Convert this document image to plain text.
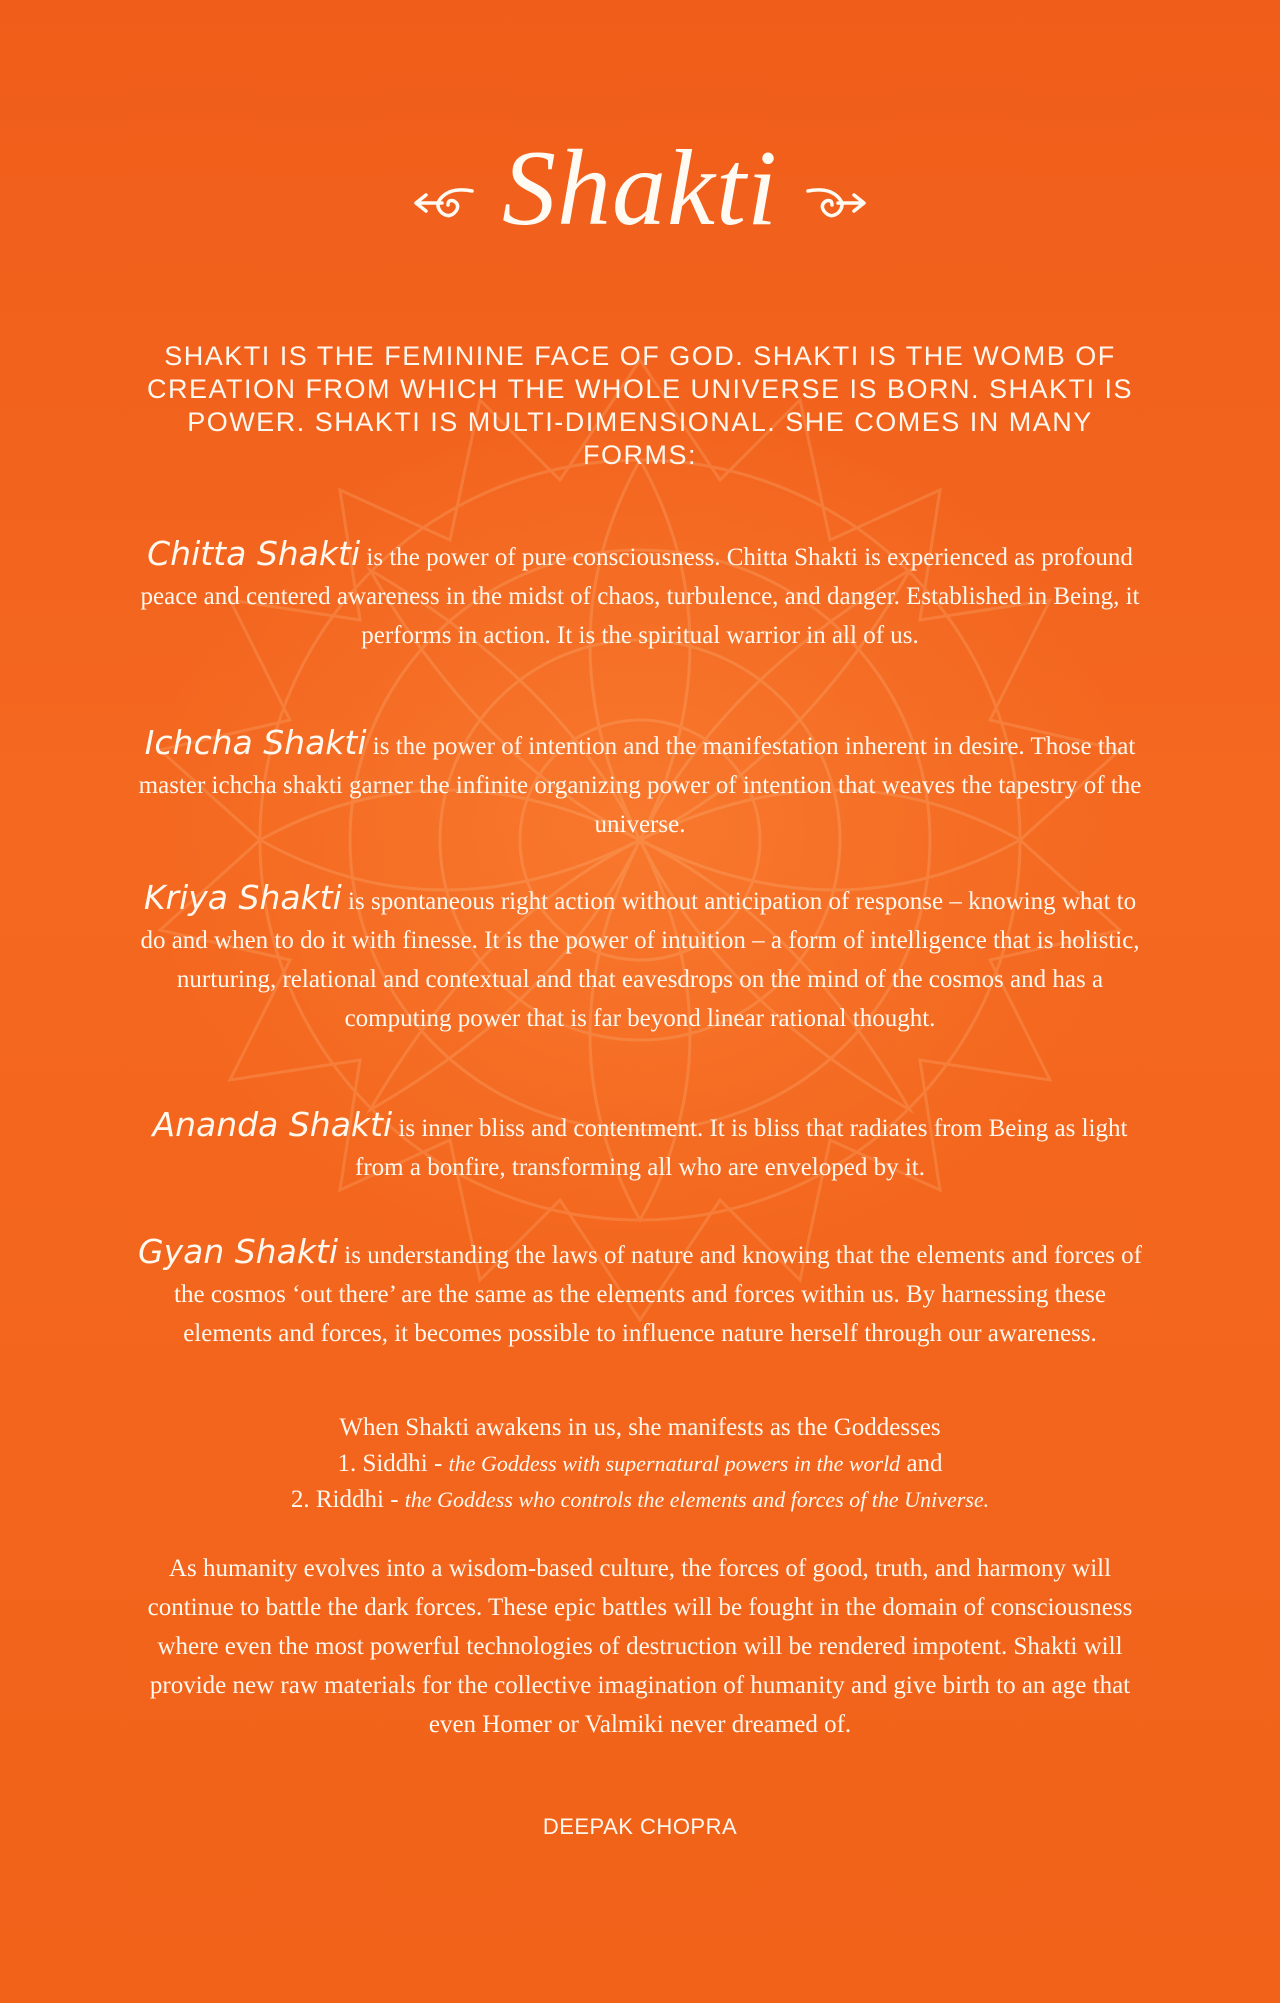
Shakti
SHAKTI IS THE FEMININE FACE OF GOD. SHAKTI IS THE WOMB OF CREATION FROM WHICH THE WHOLE UNIVERSE IS BORN. SHAKTI IS POWER. SHAKTI IS MULTI-DIMENSIONAL. SHE COMES IN MANY FORMS:

Chitta Shakti is the power of pure consciousness. Chitta Shakti is experienced as profound peace and centered awareness in the midst of chaos, turbulence, and danger. Established in Being, it performs in action. It is the spiritual warrior in all of us.

Ichcha Shakti is the power of intention and the manifestation inherent in desire. Those that master ichcha shakti garner the infinite organizing power of intention that weaves the tapestry of the universe.

Kriya Shakti is spontaneous right action without anticipation of response – knowing what to do and when to do it with finesse. It is the power of intuition – a form of intelligence that is holistic, nurturing, relational and contextual and that eavesdrops on the mind of the cosmos and has a computing power that is far beyond linear rational thought.

Ananda Shakti is inner bliss and contentment. It is bliss that radiates from Being as light from a bonfire, transforming all who are enveloped by it.

Gyan Shakti is understanding the laws of nature and knowing that the elements and forces of the cosmos ‘out there’ are the same as the elements and forces within us. By harnessing these elements and forces, it becomes possible to influence nature herself through our awareness.

When Shakti awakens in us, she manifests as the Goddesses
1. Siddhi - the Goddess with supernatural powers in the world and
2. Riddhi - the Goddess who controls the elements and forces of the Universe.

As humanity evolves into a wisdom-based culture, the forces of good, truth, and harmony will continue to battle the dark forces. These epic battles will be fought in the domain of consciousness where even the most powerful technologies of destruction will be rendered impotent. Shakti will provide new raw materials for the collective imagination of humanity and give birth to an age that even Homer or Valmiki never dreamed of.

DEEPAK CHOPRA
